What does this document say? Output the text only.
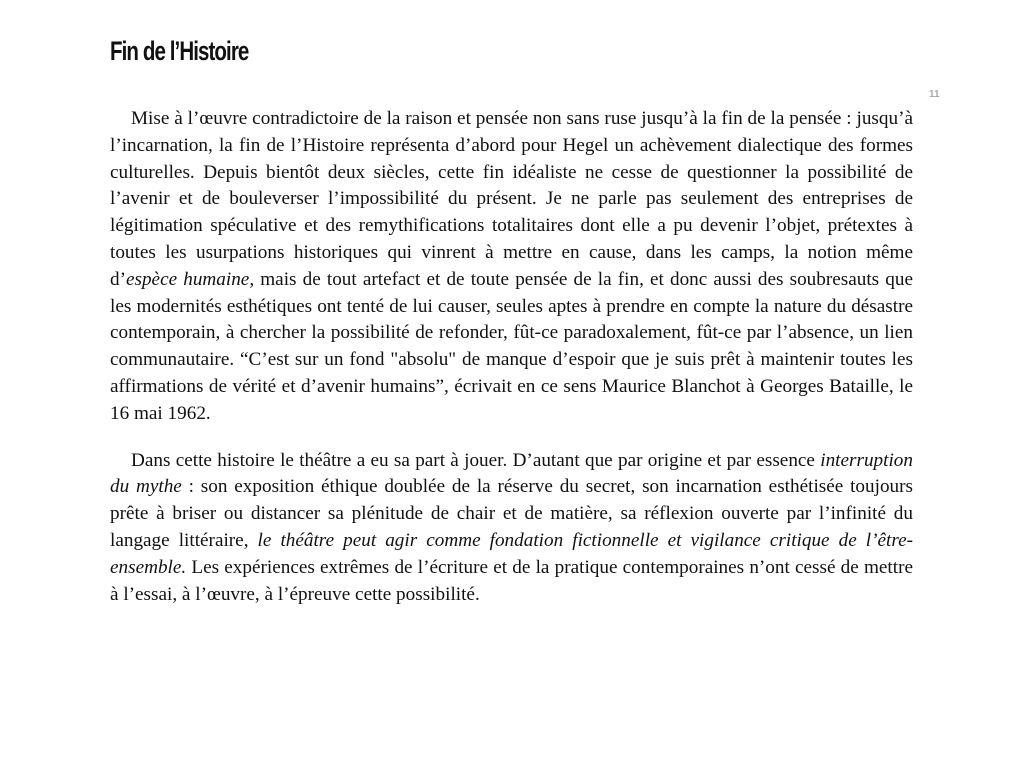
Fin de l’Histoire
11

Mise à l’œuvre contradictoire de la raison et pensée non sans ruse jusqu’à la fin de la pensée : jusqu’à l’incarnation, la fin de l’Histoire représenta d’abord pour Hegel un achèvement dialectique des formes culturelles. Depuis bientôt deux siècles, cette fin idéaliste ne cesse de questionner la possibilité de l’avenir et de bouleverser l’impossibilité du présent. Je ne parle pas seulement des entreprises de légitimation spéculative et des remythifications totalitaires dont elle a pu devenir l’objet, prétextes à toutes les usurpations historiques qui vinrent à mettre en cause, dans les camps, la notion même d’espèce humaine, mais de tout artefact et de toute pensée de la fin, et donc aussi des soubresauts que les modernités esthétiques ont tenté de lui causer, seules aptes à prendre en compte la nature du désastre contemporain, à chercher la possibilité de refonder, fût-ce paradoxalement, fût-ce par l’absence, un lien communautaire. “C’est sur un fond "absolu" de manque d’espoir que je suis prêt à maintenir toutes les affirmations de vérité et d’avenir humains”, écrivait en ce sens Maurice Blanchot à Georges Bataille, le 16 mai 1962.

Dans cette histoire le théâtre a eu sa part à jouer. D’autant que par origine et par essence interruption du mythe : son exposition éthique doublée de la réserve du secret, son incarnation esthétisée toujours prête à briser ou distancer sa plénitude de chair et de matière, sa réflexion ouverte par l’infinité du langage littéraire, le théâtre peut agir comme fondation fictionnelle et vigilance critique de l’être-ensemble. Les expériences extrêmes de l’écriture et de la pratique contemporaines n’ont cessé de mettre à l’essai, à l’œuvre, à l’épreuve cette possibilité.
